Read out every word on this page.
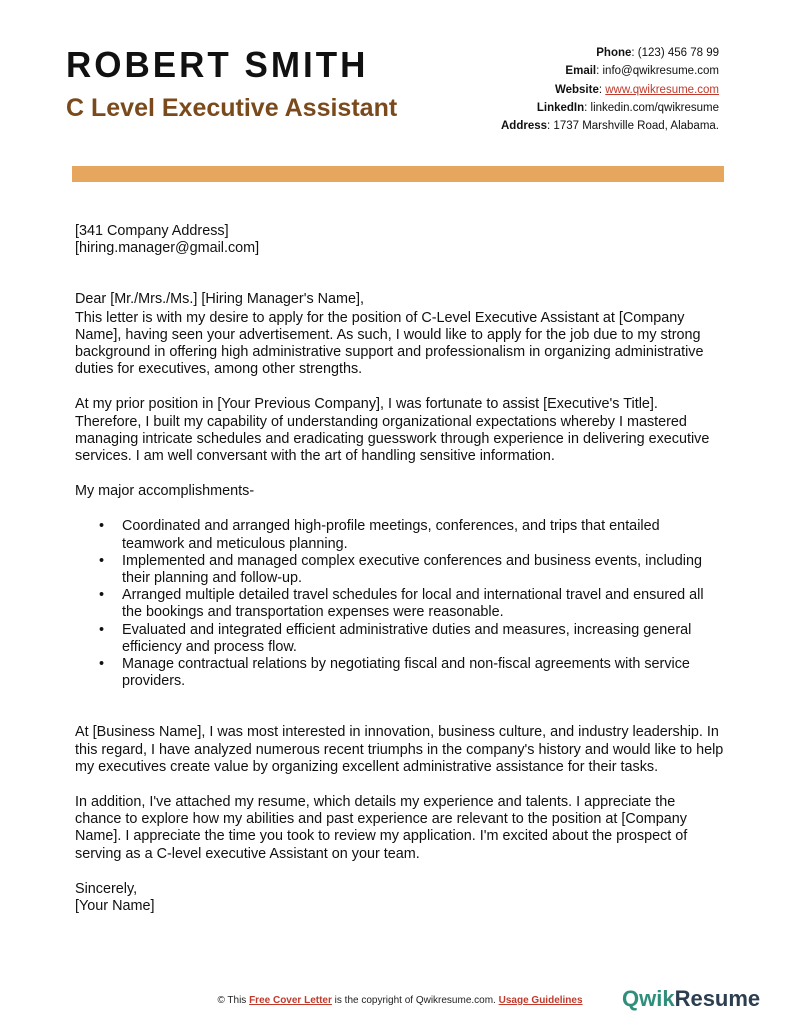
ROBERT SMITH
C Level Executive Assistant
Phone: (123) 456 78 99
Email: info@qwikresume.com
Website: www.qwikresume.com
LinkedIn: linkedin.com/qwikresume
Address: 1737 Marshville Road, Alabama.

[341 Company Address]

[hiring.manager@gmail.com]

Dear [Mr./Mrs./Ms.] [Hiring Manager's Name],

This letter is with my desire to apply for the position of C-Level Executive Assistant at [Company Name], having seen your advertisement. As such, I would like to apply for the job due to my strong background in offering high administrative support and professionalism in organizing administrative duties for executives, among other strengths.

At my prior position in [Your Previous Company], I was fortunate to assist [Executive's Title]. Therefore, I built my capability of understanding organizational expectations whereby I mastered managing intricate schedules and eradicating guesswork through experience in delivering executive services. I am well conversant with the art of handling sensitive information.

My major accomplishments-

• Coordinated and arranged high-profile meetings, conferences, and trips that entailed teamwork and meticulous planning.
• Implemented and managed complex executive conferences and business events, including their planning and follow-up.
• Arranged multiple detailed travel schedules for local and international travel and ensured all the bookings and transportation expenses were reasonable.
• Evaluated and integrated efficient administrative duties and measures, increasing general efficiency and process flow.
• Manage contractual relations by negotiating fiscal and non-fiscal agreements with service providers.

At [Business Name], I was most interested in innovation, business culture, and industry leadership. In this regard, I have analyzed numerous recent triumphs in the company's history and would like to help my executives create value by organizing excellent administrative assistance for their tasks.

In addition, I've attached my resume, which details my experience and talents. I appreciate the chance to explore how my abilities and past experience are relevant to the position at [Company Name]. I appreciate the time you took to review my application. I'm excited about the prospect of serving as a C-level executive Assistant on your team.

Sincerely,

[Your Name]

© This Free Cover Letter is the copyright of Qwikresume.com. Usage Guidelines	QwikResume
